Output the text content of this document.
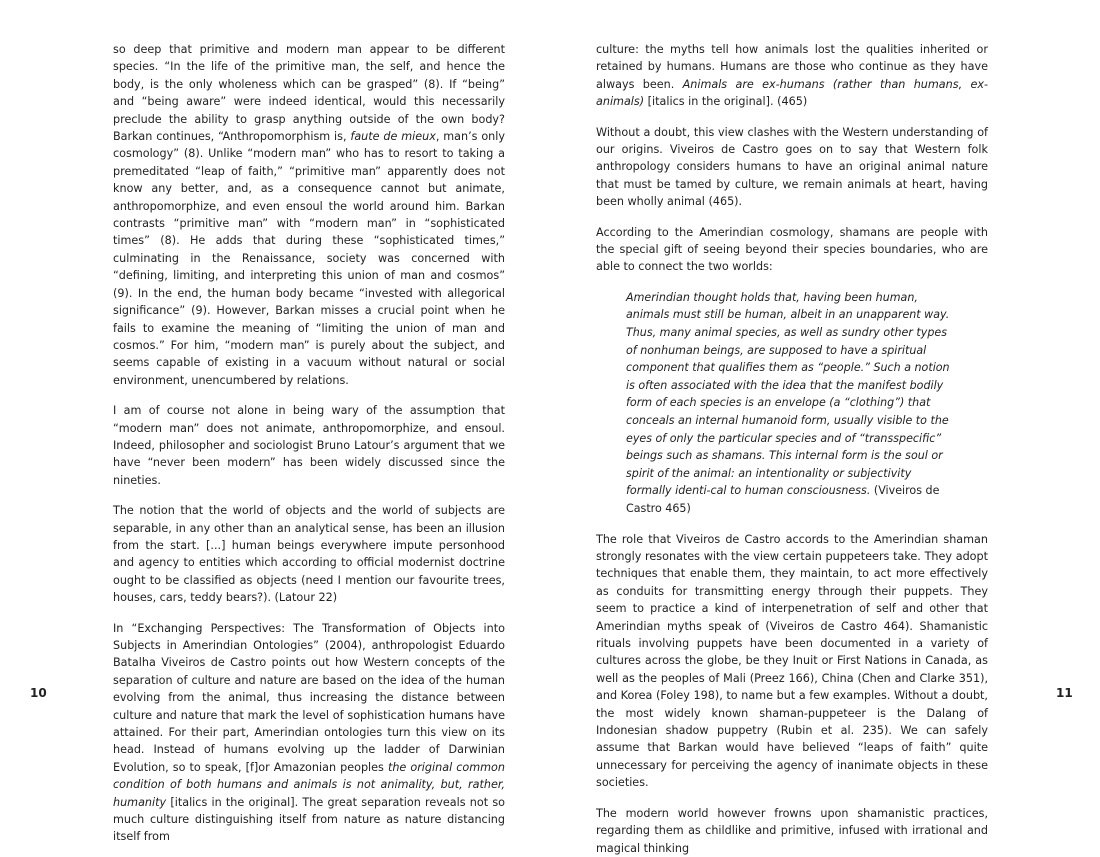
10	11

so deep that primitive and modern man appear to be different species. “In the life of the primitive man, the self, and hence the body, is the only wholeness which can be grasped” (8). If “being” and “being aware” were indeed identical, would this necessarily preclude the ability to grasp anything outside of the own body? Barkan continues, “Anthropomorphism is, faute de mieux, man’s only cosmology” (8). Unlike “modern man” who has to resort to taking a premeditated “leap of faith,” “primitive man” apparently does not know any better, and, as a consequence cannot but animate, anthropomorphize, and even ensoul the world around him. Barkan contrasts “primitive man” with “modern man” in “sophisticated times” (8). He adds that during these “sophisticated times,” culminating in the Renaissance, society was concerned with “defining, limiting, and interpreting this union of man and cosmos” (9). In the end, the human body became “invested with allegorical significance” (9). However, Barkan misses a crucial point when he fails to examine the meaning of “limiting the union of man and cosmos.” For him, “modern man” is purely about the subject, and seems capable of existing in a vacuum without natural or social environment, unencumbered by relations.

I am of course not alone in being wary of the assumption that “modern man” does not animate, anthropomorphize, and ensoul. Indeed, philosopher and sociologist Bruno Latour’s argument that we have “never been modern” has been widely discussed since the nineties.

The notion that the world of objects and the world of subjects are separable, in any other than an analytical sense, has been an illusion from the start. [...] human beings everywhere impute personhood and agency to entities which according to official modernist doctrine ought to be classified as objects (need I mention our favourite trees, houses, cars, teddy bears?). (Latour 22)

In “Exchanging Perspectives: The Transformation of Objects into Subjects in Amerindian Ontologies” (2004), anthropologist Eduardo Batalha Viveiros de Castro points out how Western concepts of the separation of culture and nature are based on the idea of the human evolving from the animal, thus increasing the distance between culture and nature that mark the level of sophistication humans have attained. For their part, Amerindian ontologies turn this view on its head. Instead of humans evolving up the ladder of Darwinian Evolution, so to speak, [f]or Amazonian peoples the original common condition of both humans and animals is not animality, but, rather, humanity [italics in the original]. The great separation reveals not so much culture distinguishing itself from nature as nature distancing itself from

culture: the myths tell how animals lost the qualities inherited or retained by humans. Humans are those who continue as they have always been. Animals are ex-humans (rather than humans, ex-animals) [italics in the original]. (465)

Without a doubt, this view clashes with the Western understanding of our origins. Viveiros de Castro goes on to say that Western folk anthropology considers humans to have an original animal nature that must be tamed by culture, we remain animals at heart, having been wholly animal (465).

According to the Amerindian cosmology, shamans are people with the special gift of seeing beyond their species boundaries, who are able to connect the two worlds:

Amerindian thought holds that, having been human, animals must still be human, albeit in an unapparent way. Thus, many animal species, as well as sundry other types of nonhuman beings, are supposed to have a spiritual component that qualifies them as “people.” Such a notion is often associated with the idea that the manifest bodily form of each species is an envelope (a “clothing”) that conceals an internal humanoid form, usually visible to the eyes of only the particular species and of “transspecific” beings such as shamans. This internal form is the soul or spirit of the animal: an intentionality or subjectivity formally identi-cal to human consciousness. (Viveiros de Castro 465)

The role that Viveiros de Castro accords to the Amerindian shaman strongly resonates with the view certain puppeteers take. They adopt techniques that enable them, they maintain, to act more effectively as conduits for transmitting energy through their puppets. They seem to practice a kind of interpenetration of self and other that Amerindian myths speak of (Viveiros de Castro 464). Shamanistic rituals involving puppets have been documented in a variety of cultures across the globe, be they Inuit or First Nations in Canada, as well as the peoples of Mali (Preez 166), China (Chen and Clarke 351), and Korea (Foley 198), to name but a few examples. Without a doubt, the most widely known shaman-puppeteer is the Dalang of Indonesian shadow puppetry (Rubin et al. 235). We can safely assume that Barkan would have believed “leaps of faith” quite unnecessary for perceiving the agency of inanimate objects in these societies.

The modern world however frowns upon shamanistic practices, regarding them as childlike and primitive, infused with irrational and magical thinking
